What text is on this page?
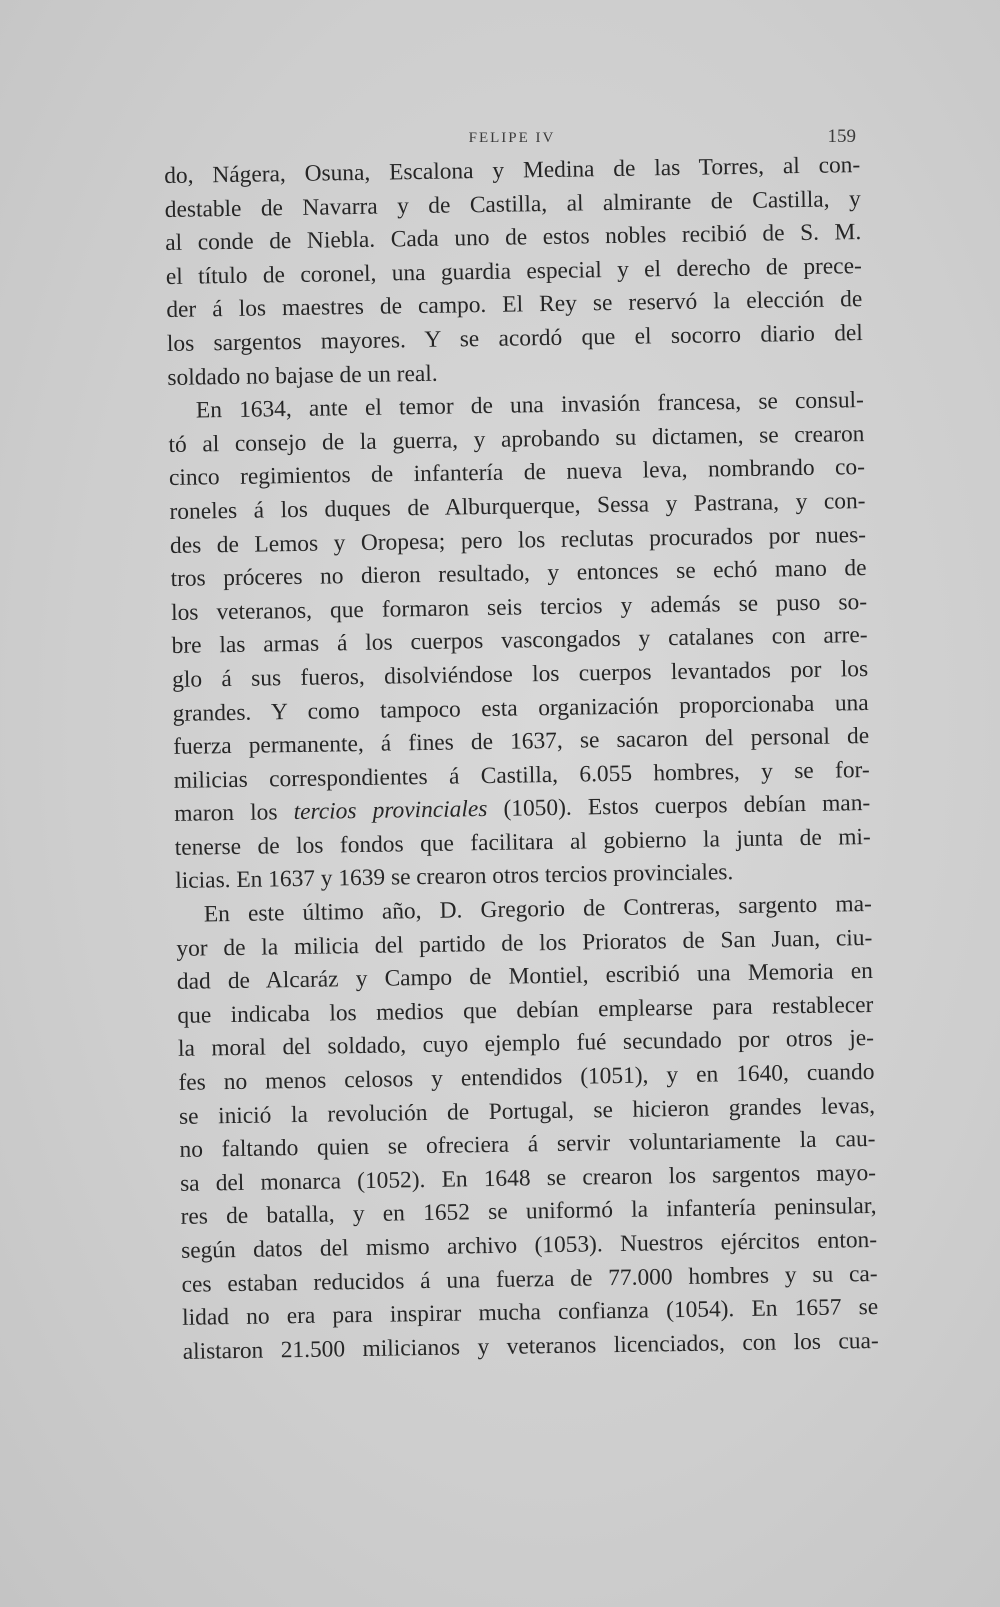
FELIPE IV	159
do, Nágera, Osuna, Escalona y Medina de las Torres, al con-
destable de Navarra y de Castilla, al almirante de Castilla, y
al conde de Niebla. Cada uno de estos nobles recibió de S. M.
el título de coronel, una guardia especial y el derecho de prece-
der á los maestres de campo. El Rey se reservó la elección de
los sargentos mayores. Y se acordó que el socorro diario del
soldado no bajase de un real.
En 1634, ante el temor de una invasión francesa, se consul-
tó al consejo de la guerra, y aprobando su dictamen, se crearon
cinco regimientos de infantería de nueva leva, nombrando co-
roneles á los duques de Alburquerque, Sessa y Pastrana, y con-
des de Lemos y Oropesa; pero los reclutas procurados por nues-
tros próceres no dieron resultado, y entonces se echó mano de
los veteranos, que formaron seis tercios y además se puso so-
bre las armas á los cuerpos vascongados y catalanes con arre-
glo á sus fueros, disolviéndose los cuerpos levantados por los
grandes. Y como tampoco esta organización proporcionaba una
fuerza permanente, á fines de 1637, se sacaron del personal de
milicias correspondientes á Castilla, 6.055 hombres, y se for-
maron los tercios provinciales (1050). Estos cuerpos debían man-
tenerse de los fondos que facilitara al gobierno la junta de mi-
licias. En 1637 y 1639 se crearon otros tercios provinciales.
En este último año, D. Gregorio de Contreras, sargento ma-
yor de la milicia del partido de los Prioratos de San Juan, ciu-
dad de Alcaráz y Campo de Montiel, escribió una Memoria en
que indicaba los medios que debían emplearse para restablecer
la moral del soldado, cuyo ejemplo fué secundado por otros je-
fes no menos celosos y entendidos (1051), y en 1640, cuando
se inició la revolución de Portugal, se hicieron grandes levas,
no faltando quien se ofreciera á servir voluntariamente la cau-
sa del monarca (1052). En 1648 se crearon los sargentos mayo-
res de batalla, y en 1652 se uniformó la infantería peninsular,
según datos del mismo archivo (1053). Nuestros ejércitos enton-
ces estaban reducidos á una fuerza de 77.000 hombres y su ca-
lidad no era para inspirar mucha confianza (1054). En 1657 se
alistaron 21.500 milicianos y veteranos licenciados, con los cua-
